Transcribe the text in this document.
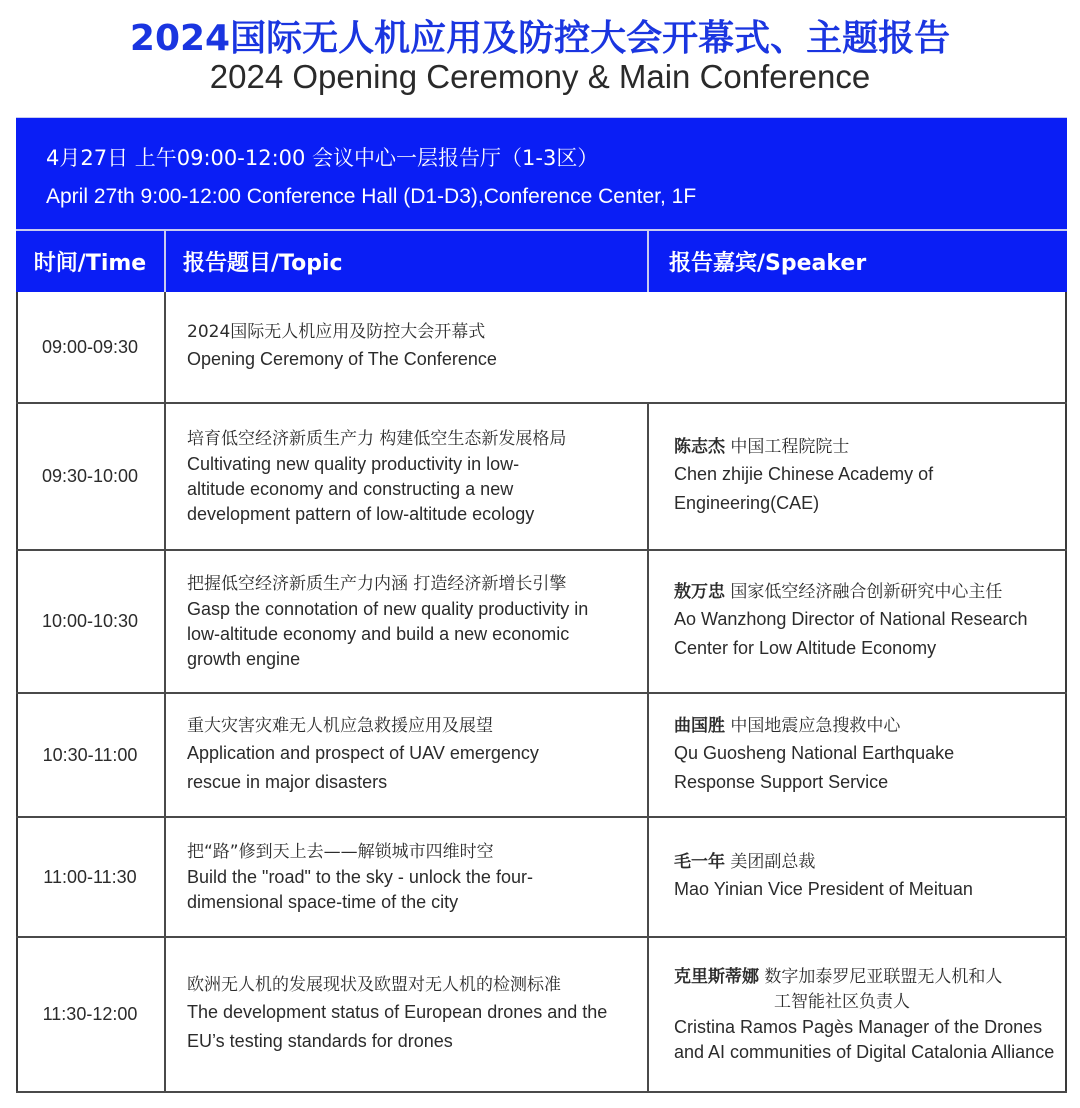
2024国际无人机应用及防控大会开幕式、主题报告
2024 Opening Ceremony & Main Conference
4月27日 上午09:00-12:00 会议中心一层报告厅（1-3区）
April 27th 9:00-12:00 Conference Hall (D1-D3),Conference Center, 1F
时间/Time	报告题目/Topic	报告嘉宾/Speaker
09:00-09:30
2024国际无人机应用及防控大会开幕式
Opening Ceremony of The Conference
09:30-10:00
培育低空经济新质生产力 构建低空生态新发展格局
Cultivating new quality productivity in low-altitude economy and constructing a new development pattern of low-altitude ecology
陈志杰 中国工程院院士
Chen zhijie Chinese Academy of Engineering(CAE)
10:00-10:30
把握低空经济新质生产力内涵 打造经济新增长引擎
Gasp the connotation of new quality productivity in low-altitude economy and build a new economic growth engine
敖万忠 国家低空经济融合创新研究中心主任
Ao Wanzhong Director of National Research Center for Low Altitude Economy
10:30-11:00
重大灾害灾难无人机应急救援应用及展望
Application and prospect of UAV emergency rescue in major disasters
曲国胜 中国地震应急搜救中心
Qu Guosheng National Earthquake Response Support Service
11:00-11:30
把“路”修到天上去——解锁城市四维时空
Build the "road" to the sky - unlock the four-dimensional space-time of the city
毛一年 美团副总裁
Mao Yinian Vice President of Meituan
11:30-12:00
欧洲无人机的发展现状及欧盟对无人机的检测标准
The development status of European drones and the EU’s testing standards for drones
克里斯蒂娜 数字加泰罗尼亚联盟无人机和人
工智能社区负责人
Cristina Ramos Pagès Manager of the Drones and AI communities of Digital Catalonia Alliance
